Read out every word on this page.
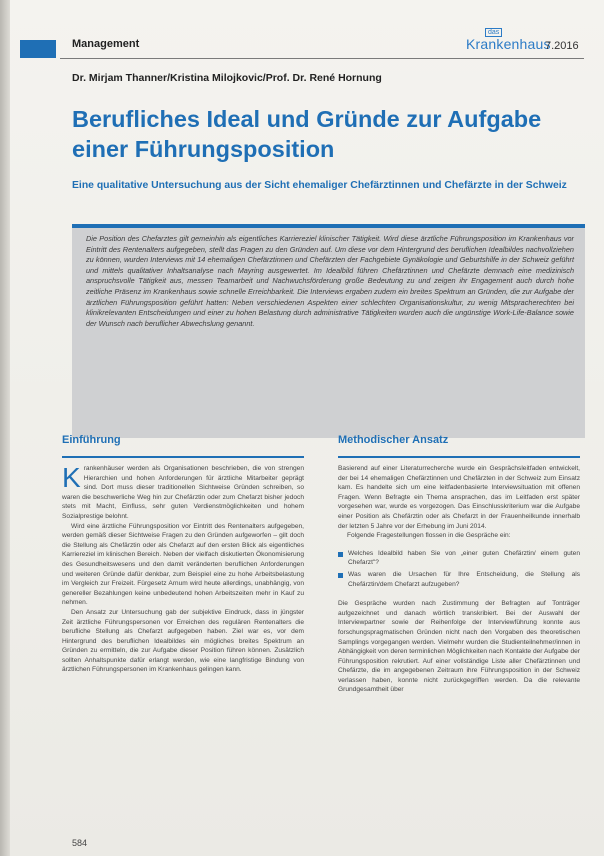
Management
das
Krankenhaus
7.2016
Dr. Mirjam Thanner/Kristina Milojkovic/Prof. Dr. René Hornung
Berufliches Ideal und Gründe zur Aufgabe einer Führungsposition
Eine qualitative Untersuchung aus der Sicht ehemaliger Chefärztinnen und Chefärzte in der Schweiz
Die Position des Chefarztes gilt gemeinhin als eigentliches Karriereziel klinischer Tätigkeit. Wird diese ärztliche Führungsposition im Krankenhaus vor Eintritt des Rentenalters aufgegeben, stellt das Fragen zu den Gründen auf. Um diese vor dem Hintergrund des beruflichen Idealbildes nachvollziehen zu können, wurden Interviews mit 14 ehemaligen Chefärztinnen und Chefärzten der Fachgebiete Gynäkologie und Geburtshilfe in der Schweiz geführt und mittels qualitativer Inhaltsanalyse nach Mayring ausgewertet. Im Idealbild führen Chefärztinnen und Chefärzte demnach eine medizinisch anspruchsvolle Tätigkeit aus, messen Teamarbeit und Nachwuchsförderung große Bedeutung zu und zeigen ihr Engagement auch durch hohe zeitliche Präsenz im Krankenhaus sowie schnelle Erreichbarkeit. Die Interviews ergaben zudem ein breites Spektrum an Gründen, die zur Aufgabe der ärztlichen Führungsposition geführt hatten: Neben verschiedenen Aspekten einer schlechten Organisationskultur, zu wenig Mitspracherechten bei klinikrelevanten Entscheidungen und einer zu hohen Belastung durch administrative Tätigkeiten wurden auch die ungünstige Work-Life-Balance sowie der Wunsch nach beruflicher Abwechslung genannt.
Einführung

Krankenhäuser werden als Organisationen beschrieben, die von strengen Hierarchien und hohen Anforderungen für ärztliche Mitarbeiter geprägt sind. Dort muss dieser traditionellen Sichtweise Gründen schreiben, so waren die beschwerliche Weg hin zur Chefärztin oder zum Chefarzt bisher jedoch stets mit Macht, Einfluss, sehr guten Verdienstmöglichkeiten und hohem Sozialprestige belohnt.

Wird eine ärztliche Führungsposition vor Eintritt des Rentenalters aufgegeben, werden gemäß dieser Sichtweise Fragen zu den Gründen aufgeworfen – gilt doch die Stellung als Chefärztin oder als Chefarzt auf den ersten Blick als eigentliches Karriereziel im klinischen Bereich. Neben der vielfach diskutierten Ökonomisierung des Gesundheitswesens und den damit veränderten beruflichen Anforderungen und weiteren Gründe dafür denkbar, zum Beispiel eine zu hohe Arbeitsbelastung im Vergleich zur Freizeit. Fürgesetz Arnum wird heute allerdings, unabhängig, von genereller Bezahlungen keine unbedeutend hohen Arbeitszeiten mehr in Kauf zu nehmen.

Den Ansatz zur Untersuchung gab der subjektive Eindruck, dass in jüngster Zeit ärztliche Führungspersonen vor Erreichen des regulären Rentenalters die berufliche Stellung als Chefarzt aufgegeben haben. Ziel war es, vor dem Hintergrund des beruflichen Idealbildes ein mögliches breites Spektrum an Gründen zu ermitteln, die zur Aufgabe dieser Position führen können. Zusätzlich sollten Anhaltspunkte dafür erlangt werden, wie eine langfristige Bindung von ärztlichen Führungspersonen im Krankenhaus gelingen kann.

Methodischer Ansatz

Basierend auf einer Literaturrecherche wurde ein Gesprächsleitfaden entwickelt, der bei 14 ehemaligen Chefärztinnen und Chefärzten in der Schweiz zum Einsatz kam. Es handelte sich um eine leitfadenbasierte Interviewsituation mit offenen Fragen. Wenn Befragte ein Thema ansprachen, das im Leitfaden erst später vorgesehen war, wurde es vorgezogen. Das Einschlusskriterium war die Aufgabe einer Position als Chefärztin oder als Chefarzt in der Frauenheilkunde innerhalb der letzten 5 Jahre vor der Erhebung im Juni 2014.

Folgende Fragestellungen flossen in die Gespräche ein:

Welches Idealbild haben Sie von „einer guten Chefärztin/ einem guten Chefarzt"?
Was waren die Ursachen für Ihre Entscheidung, die Stellung als Chefärztin/dem Chefarzt aufzugeben?

Die Gespräche wurden nach Zustimmung der Befragten auf Tonträger aufgezeichnet und danach wörtlich transkribiert. Bei der Auswahl der Interviewpartner sowie der Reihenfolge der Interviewführung konnte aus forschungspragmatischen Gründen nicht nach den Vorgaben des theoretischen Samplings vorgegangen werden. Vielmehr wurden die Studienteilnehmer/innen in Abhängigkeit von deren terminlichen Möglichkeiten nach Kontakte der Aufgabe der Führungsposition rekrutiert. Auf einer vollständige Liste aller Chefärztinnen und Chefärzte, die im angegebenen Zeitraum ihre Führungsposition in der Schweiz verlassen haben, konnte nicht zurückgegriffen werden. Da die relevante Grundgesamtheit über

584
